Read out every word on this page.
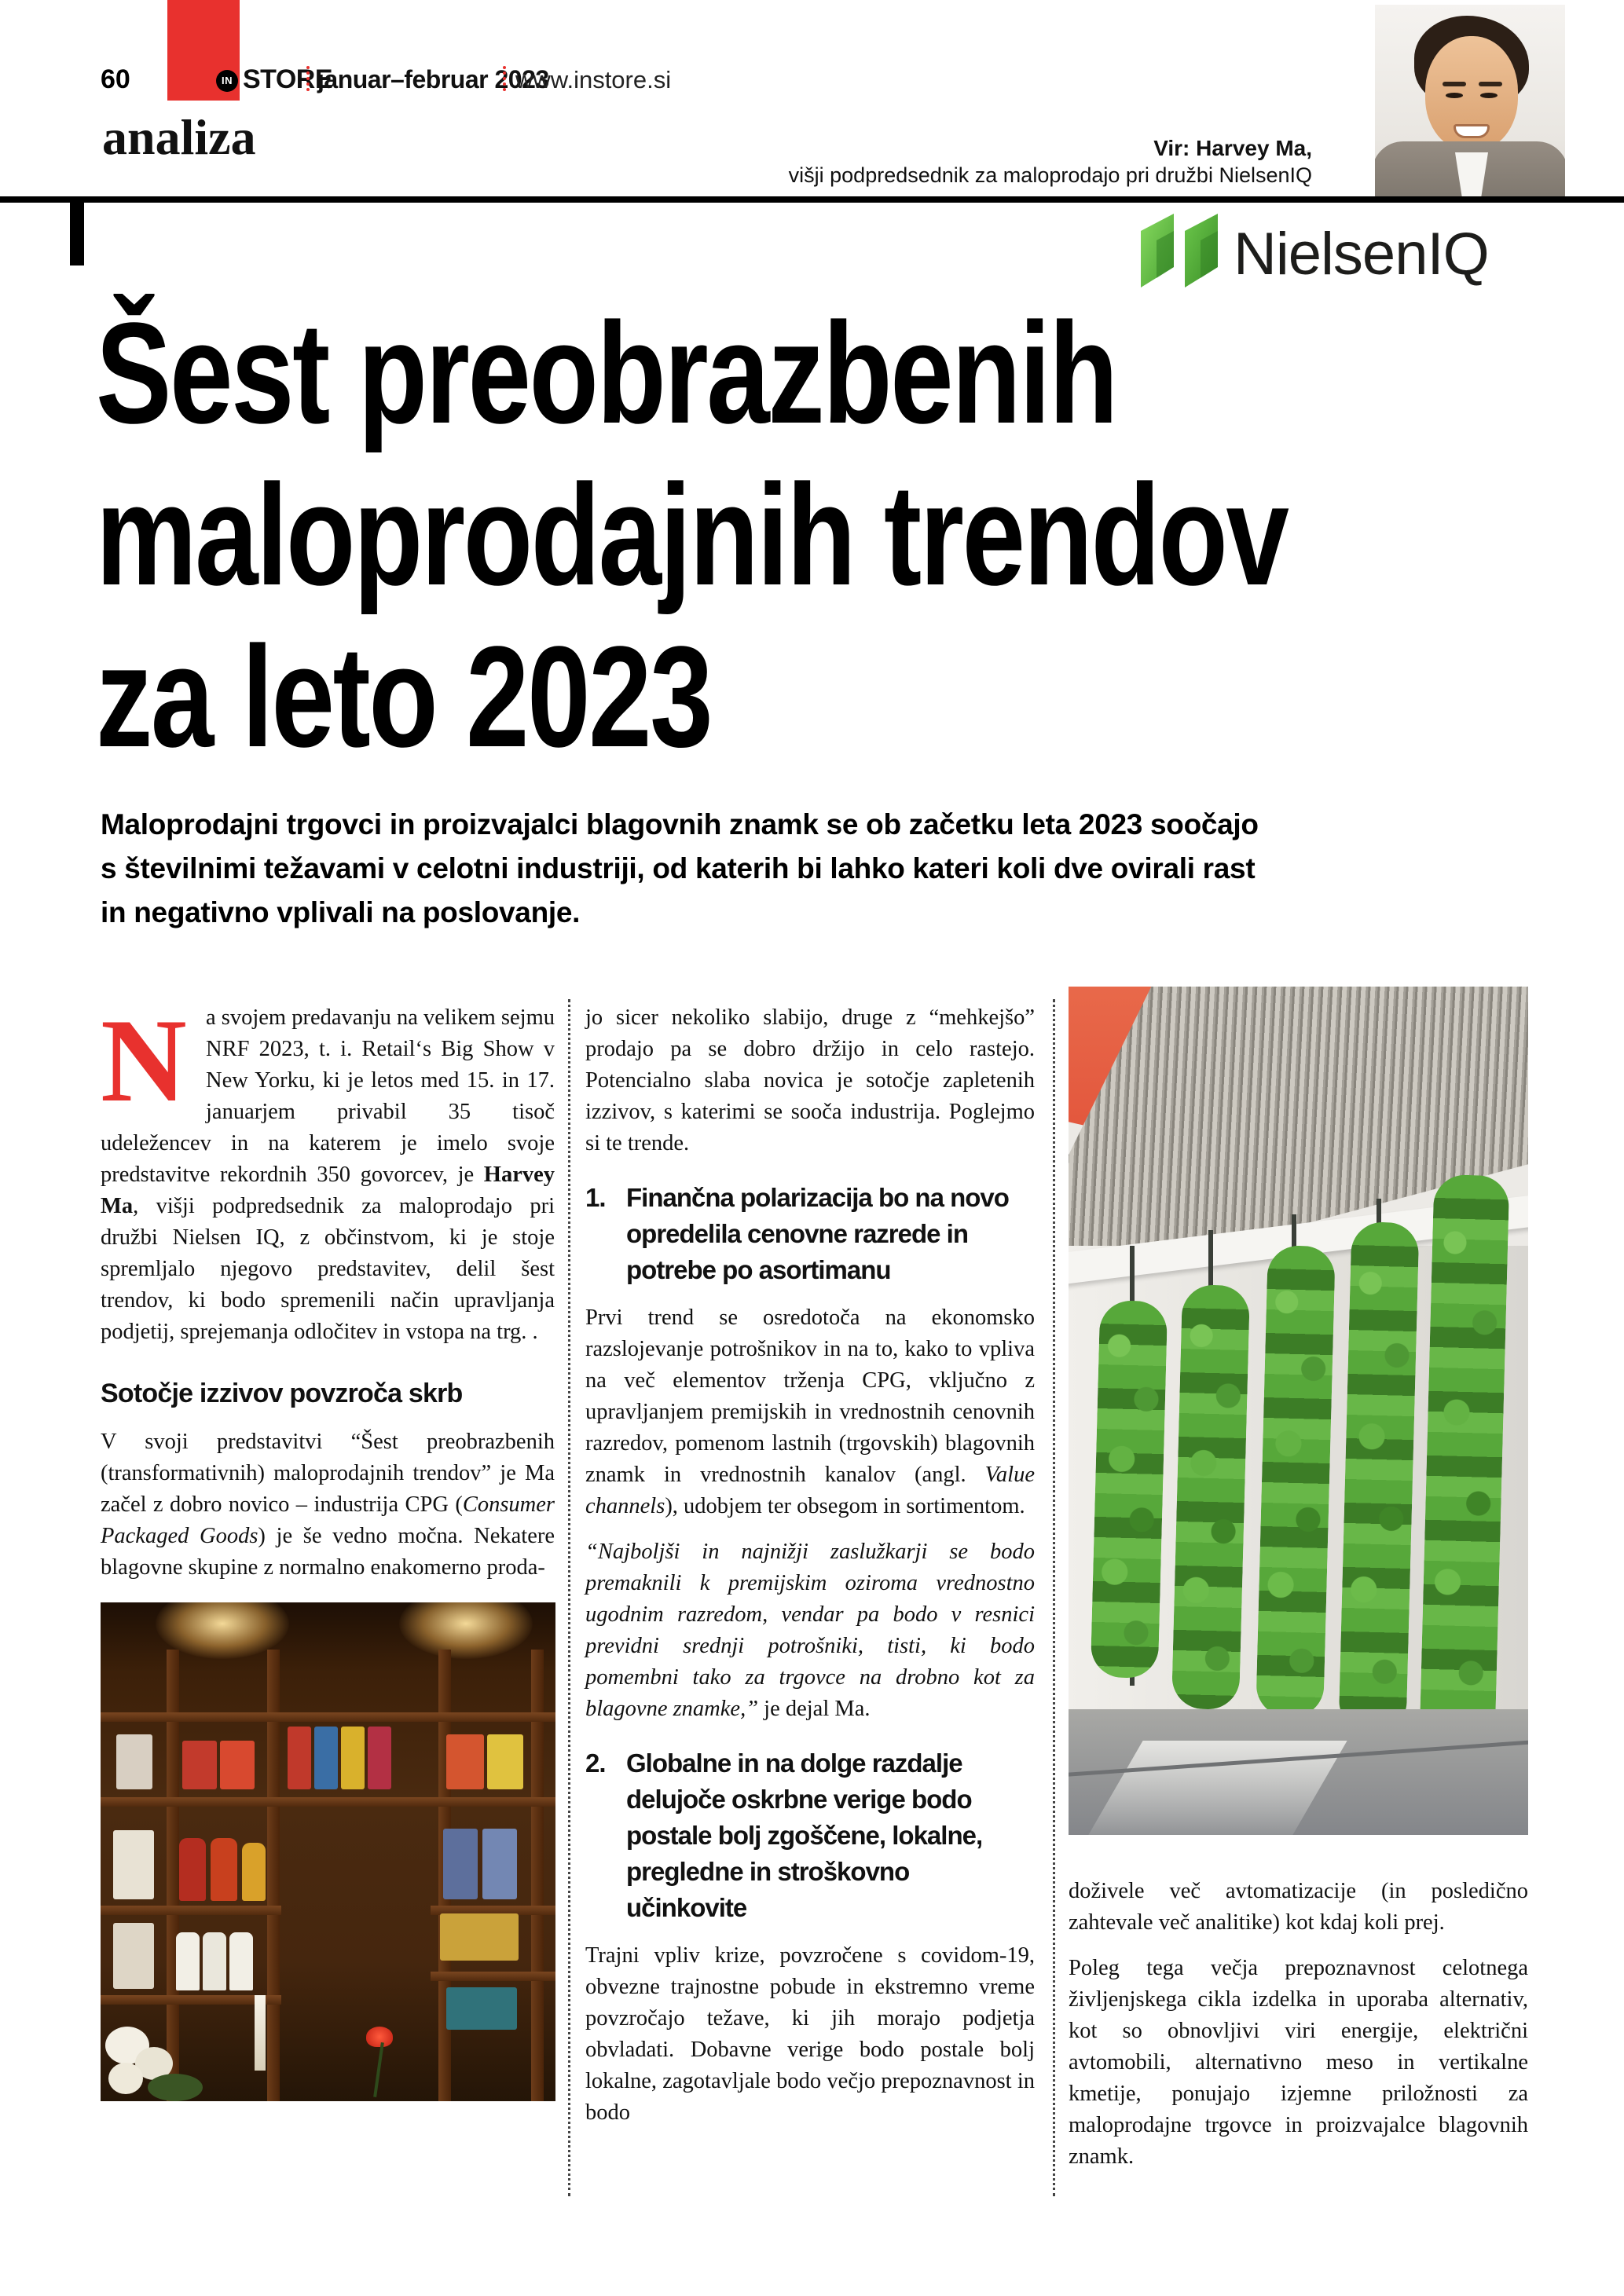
60	IN STORE
januar–februar 2023
www.instore.si
analiza	Vir: Harvey Ma,
višji podpredsednik za maloprodajo pri družbi NielsenIQ
NielsenIQ
Šest preobrazbenih
maloprodajnih trendov
za leto 2023
Maloprodajni trgovci in proizvajalci blagovnih znamk se ob začetku leta 2023 soočajo
s številnimi težavami v celotni industriji, od katerih bi lahko kateri koli dve ovirali rast
in negativno vplivali na poslovanje.

Na svojem predavanju na velikem sejmu NRF 2023, t. i. Retail‘s Big Show v New Yorku, ki je letos med 15. in 17. januarjem privabil 35 tisoč udeležencev in na katerem je imelo svoje predstavitve rekordnih 350 govorcev, je Harvey Ma, višji podpredsednik za maloprodajo pri družbi Nielsen IQ, z občinstvom, ki je stoje spremljalo njegovo predstavitev, delil šest trendov, ki bodo spremenili način upravljanja podjetij, sprejemanja odločitev in vstopa na trg. .

Sotočje izzivov povzroča skrb

V svoji predstavitvi “Šest preobrazbenih (transformativnih) maloprodajnih trendov” je Ma začel z dobro novico – industrija CPG (Consumer Packaged Goods) je še vedno močna. Nekatere blagovne skupine z normalno enakomerno proda-

jo sicer nekoliko slabijo, druge z “mehkejšo” prodajo pa se dobro držijo in celo rastejo. Potencialno slaba novica je sotočje zapletenih izzivov, s katerimi se sooča industrija. Poglejmo si te trende.

1. Finančna polarizacija bo na novo opredelila cenovne razrede in potrebe po asortimanu

Prvi trend se osredotoča na ekonomsko razslojevanje potrošnikov in na to, kako to vpliva na več elementov trženja CPG, vključno z upravljanjem premijskih in vrednostnih cenovnih razredov, pomenom lastnih (trgovskih) blagovnih znamk in vrednostnih kanalov (angl. Value channels), udobjem ter obsegom in sortimentom.

“Najboljši in najnižji zaslužkarji se bodo premaknili k premijskim oziroma vrednostno ugodnim razredom, vendar pa bodo v resnici previdni srednji potrošniki, tisti, ki bodo pomembni tako za trgovce na drobno kot za blagovne znamke,” je dejal Ma.

2. Globalne in na dolge razdalje delujoče oskrbne verige bodo postale bolj zgoščene, lokalne, pregledne in stroškovno učinkovite

Trajni vpliv krize, povzročene s covidom-19, obvezne trajnostne pobude in ekstremno vreme povzročajo težave, ki jih morajo podjetja obvladati. Dobavne verige bodo postale bolj lokalne, zagotavljale bodo večjo prepoznavnost in bodo

doživele več avtomatizacije (in posledično zahtevale več analitike) kot kdaj koli prej.

Poleg tega večja prepoznavnost celotnega življenjskega cikla izdelka in uporaba alternativ, kot so obnovljivi viri energije, električni avtomobili, alternativno meso in vertikalne kmetije, ponujajo izjemne priložnosti za maloprodajne trgovce in proizvajalce blagovnih znamk.
